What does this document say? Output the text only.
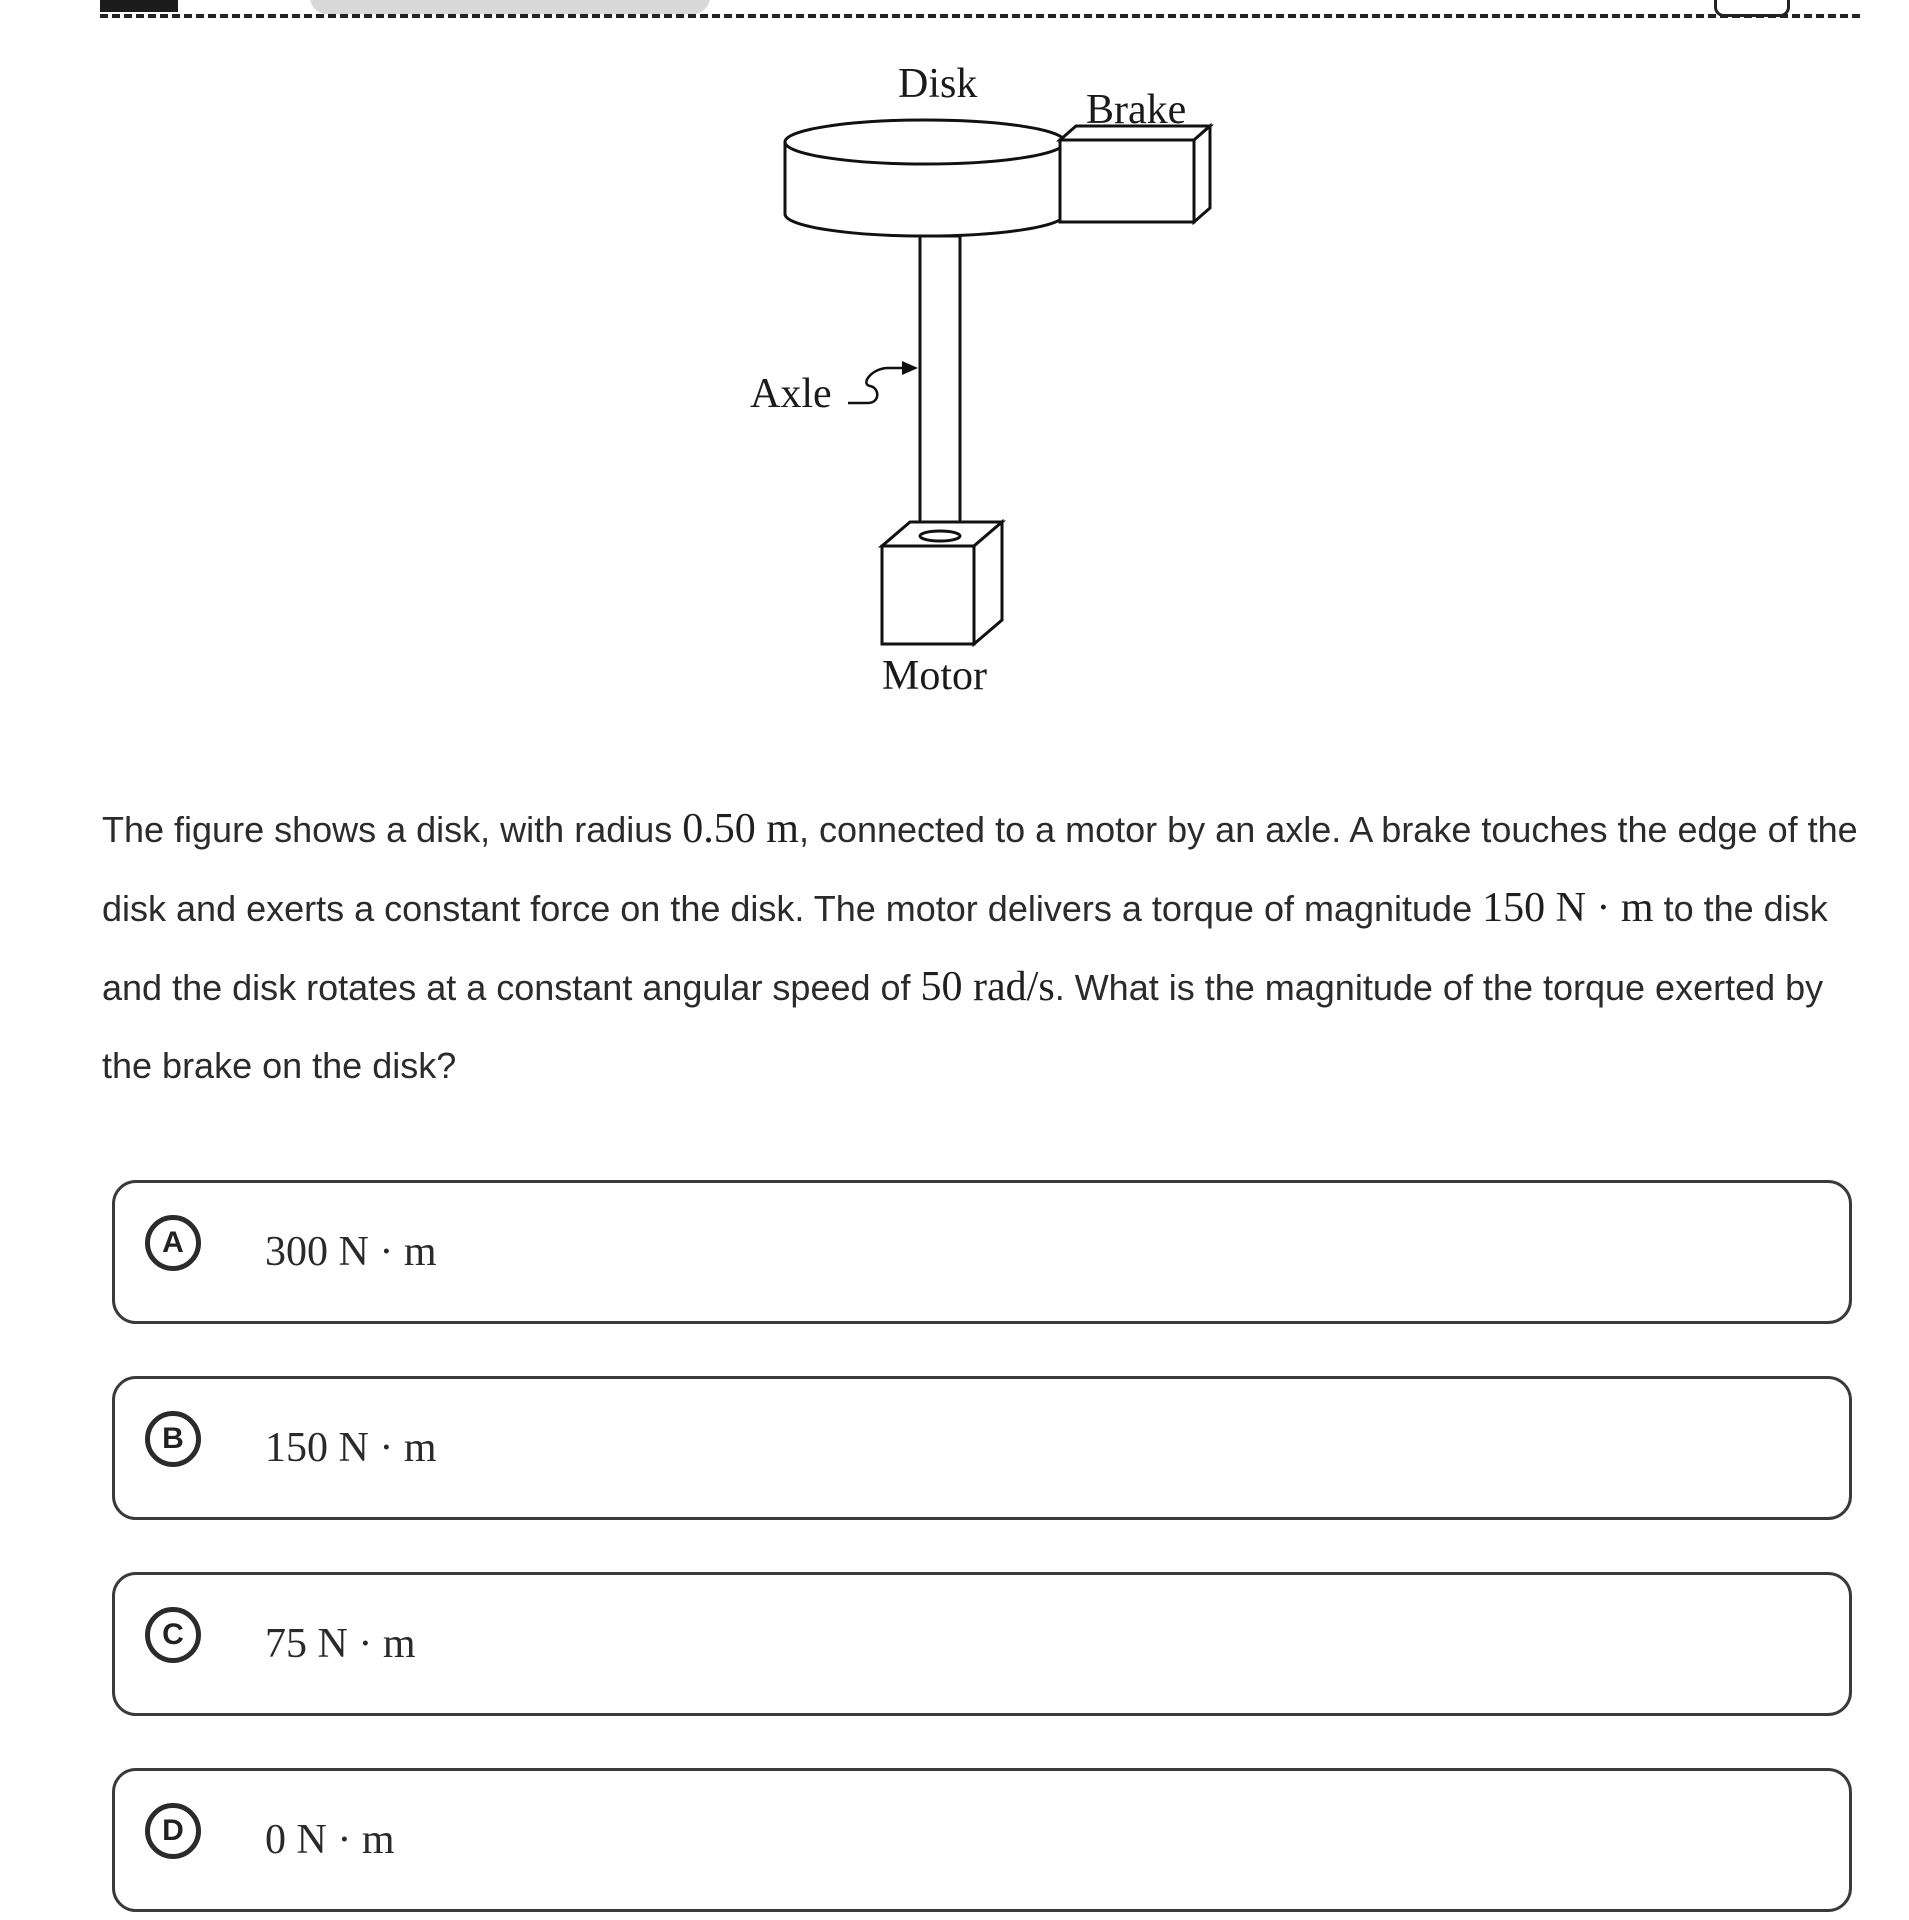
Disk
Brake
Axle
Motor
The figure shows a disk, with radius 0.50 m, connected to a motor by an axle. A brake touches the edge of the disk and exerts a constant force on the disk. The motor delivers a torque of magnitude 150 N · m to the disk and the disk rotates at a constant angular speed of 50 rad/s. What is the magnitude of the torque exerted by the brake on the disk?
A	300 N · m
B	150 N · m
C	75 N · m
D	0 N · m
